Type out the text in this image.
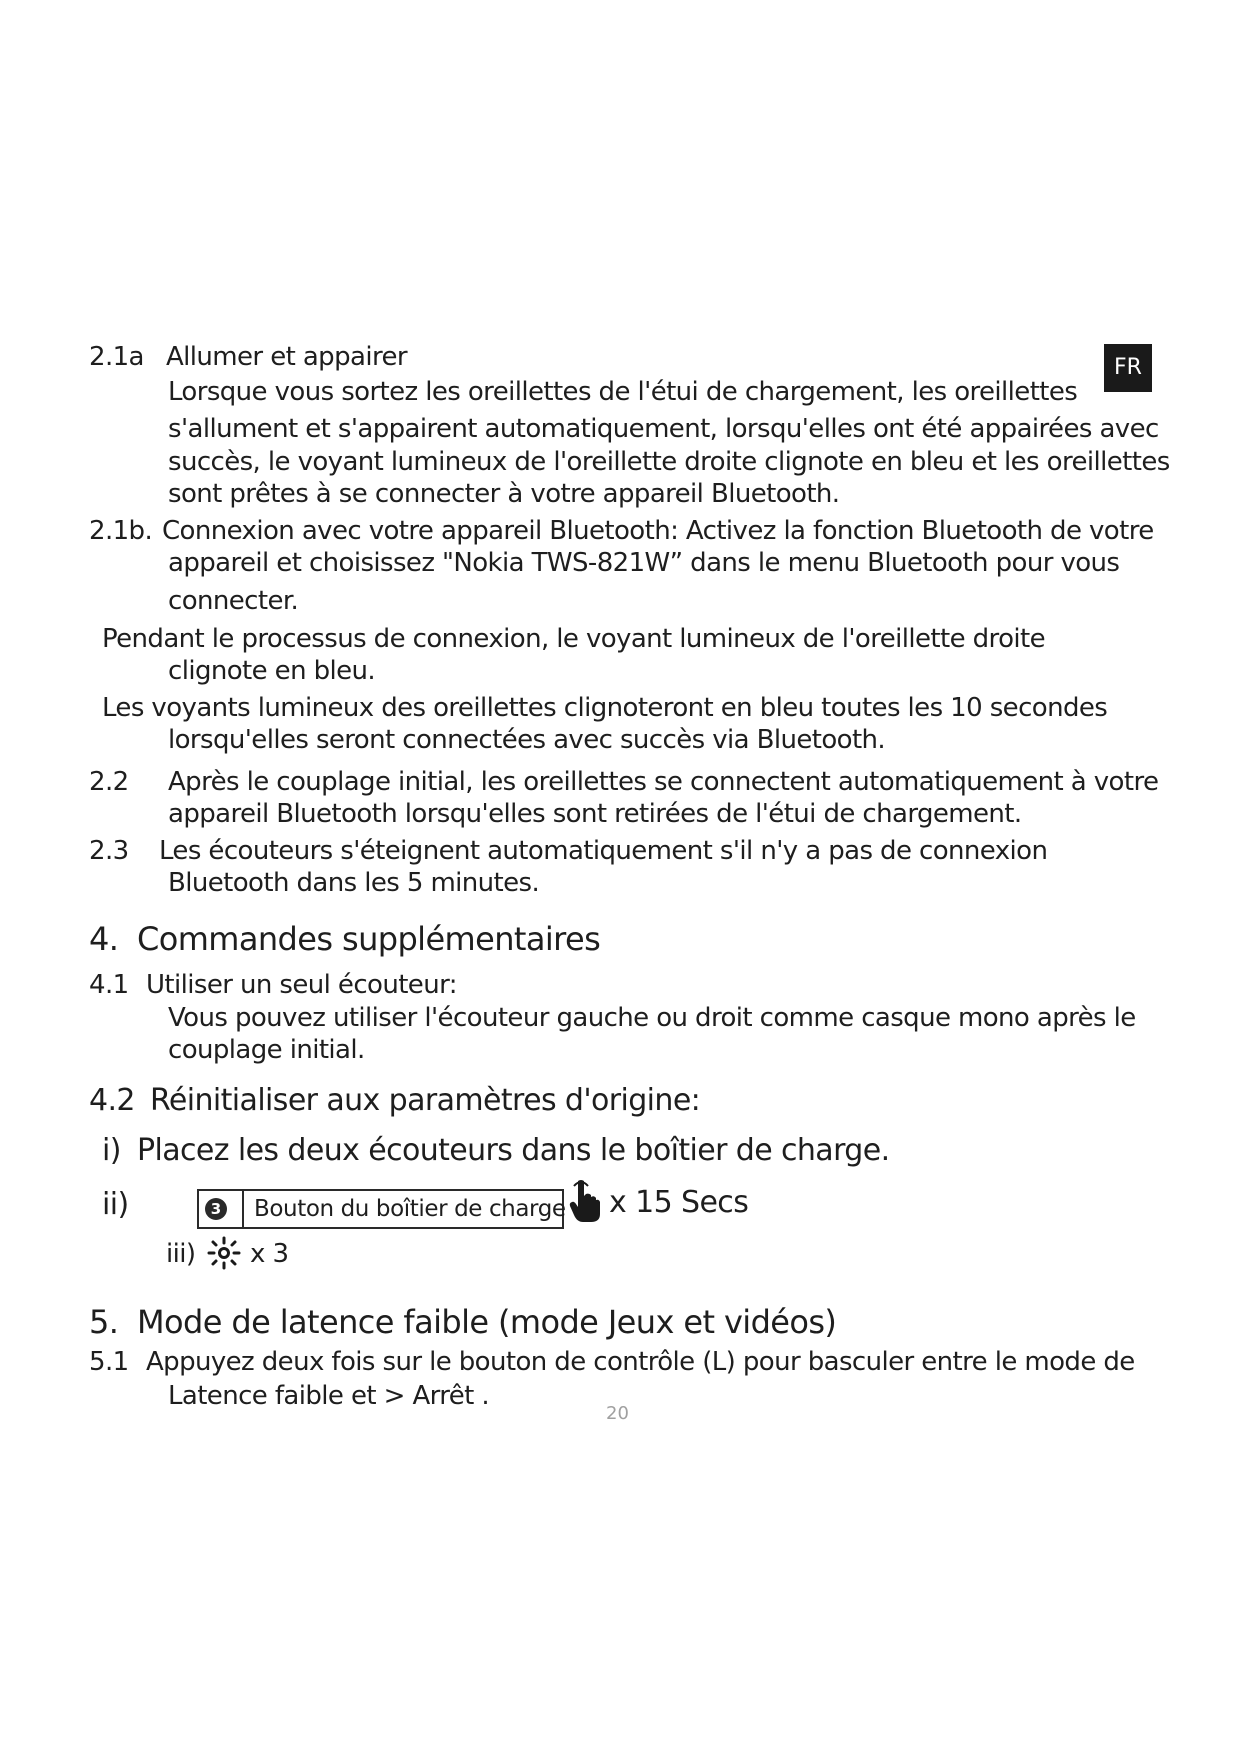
FR
2.1a Allumer et appairer
Lorsque vous sortez les oreillettes de l'étui de chargement, les oreillettes
s'allument et s'appairent automatiquement, lorsqu'elles ont été appairées avec
succès, le voyant lumineux de l'oreillette droite clignote en bleu et les oreillettes
sont prêtes à se connecter à votre appareil Bluetooth.
2.1b. Connexion avec votre appareil Bluetooth: Activez la fonction Bluetooth de votre
appareil et choisissez "Nokia TWS-821W” dans le menu Bluetooth pour vous
connecter.
Pendant le processus de connexion, le voyant lumineux de l'oreillette droite
clignote en bleu.
Les voyants lumineux des oreillettes clignoteront en bleu toutes les 10 secondes
lorsqu'elles seront connectées avec succès via Bluetooth.
2.2 Après le couplage initial, les oreillettes se connectent automatiquement à votre
appareil Bluetooth lorsqu'elles sont retirées de l'étui de chargement.
2.3 Les écouteurs s'éteignent automatiquement s'il n'y a pas de connexion
Bluetooth dans les 5 minutes.
4. Commandes supplémentaires
4.1 Utiliser un seul écouteur:
Vous pouvez utiliser l'écouteur gauche ou droit comme casque mono après le
couplage initial.
4.2 Réinitialiser aux paramètres d'origine:
i) Placez les deux écouteurs dans le boîtier de charge.
ii)	3 Bouton du boîtier de charge x 15 Secs
iii) x 3
5. Mode de latence faible (mode Jeux et vidéos)
5.1 Appuyez deux fois sur le bouton de contrôle (L) pour basculer entre le mode de
Latence faible et > Arrêt .
20
